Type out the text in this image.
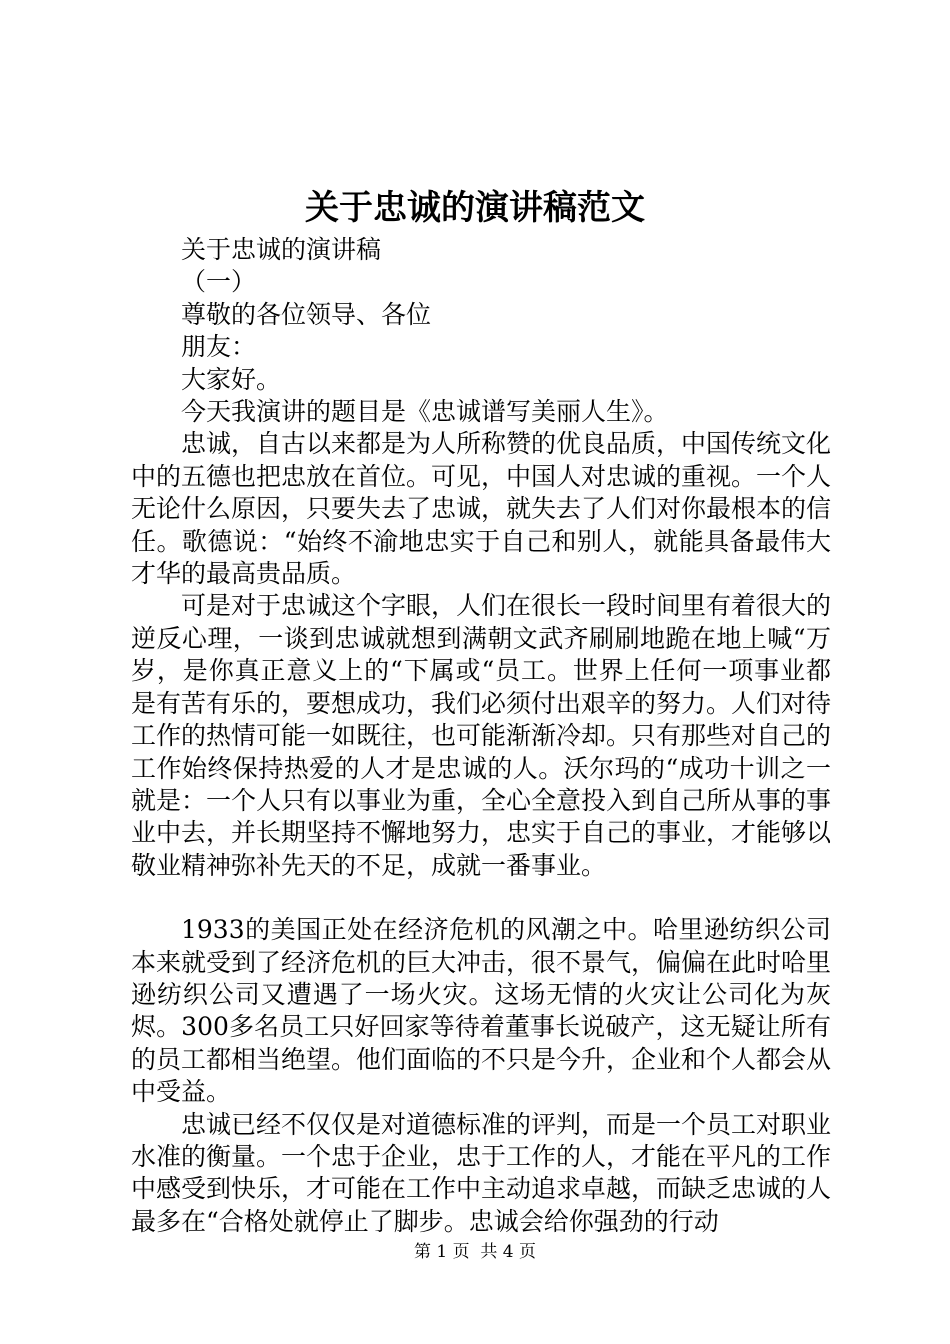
关于忠诚的演讲稿范文

关于忠诚的演讲稿

（一）

尊敬的各位领导、各位

朋友：

大家好。

今天我演讲的题目是《忠诚谱写美丽人生》。

忠诚，自古以来都是为人所称赞的优良品质，中国传统文化中的五德也把忠放在首位。可见，中国人对忠诚的重视。一个人无论什么原因，只要失去了忠诚，就失去了人们对你最根本的信任。歌德说：“始终不渝地忠实于自己和别人，就能具备最伟大才华的最高贵品质。

可是对于忠诚这个字眼，人们在很长一段时间里有着很大的逆反心理，一谈到忠诚就想到满朝文武齐刷刷地跪在地上喊“万岁，是你真正意义上的“下属或“员工。世界上任何一项事业都是有苦有乐的，要想成功，我们必须付出艰辛的努力。人们对待工作的热情可能一如既往，也可能渐渐冷却。只有那些对自己的工作始终保持热爱的人才是忠诚的人。沃尔玛的“成功十训之一就是：一个人只有以事业为重，全心全意投入到自己所从事的事业中去，并长期坚持不懈地努力，忠实于自己的事业，才能够以敬业精神弥补先天的不足，成就一番事业。

1933的美国正处在经济危机的风潮之中。哈里逊纺织公司本来就受到了经济危机的巨大冲击，很不景气，偏偏在此时哈里逊纺织公司又遭遇了一场火灾。这场无情的火灾让公司化为灰烬。300多名员工只好回家等待着董事长说破产，这无疑让所有的员工都相当绝望。他们面临的不只是今升，企业和个人都会从中受益。

忠诚已经不仅仅是对道德标准的评判，而是一个员工对职业水准的衡量。一个忠于企业，忠于工作的人，才能在平凡的工作中感受到快乐，才可能在工作中主动追求卓越，而缺乏忠诚的人最多在“合格处就停止了脚步。忠诚会给你强劲的行动

第 1 页  共 4 页
